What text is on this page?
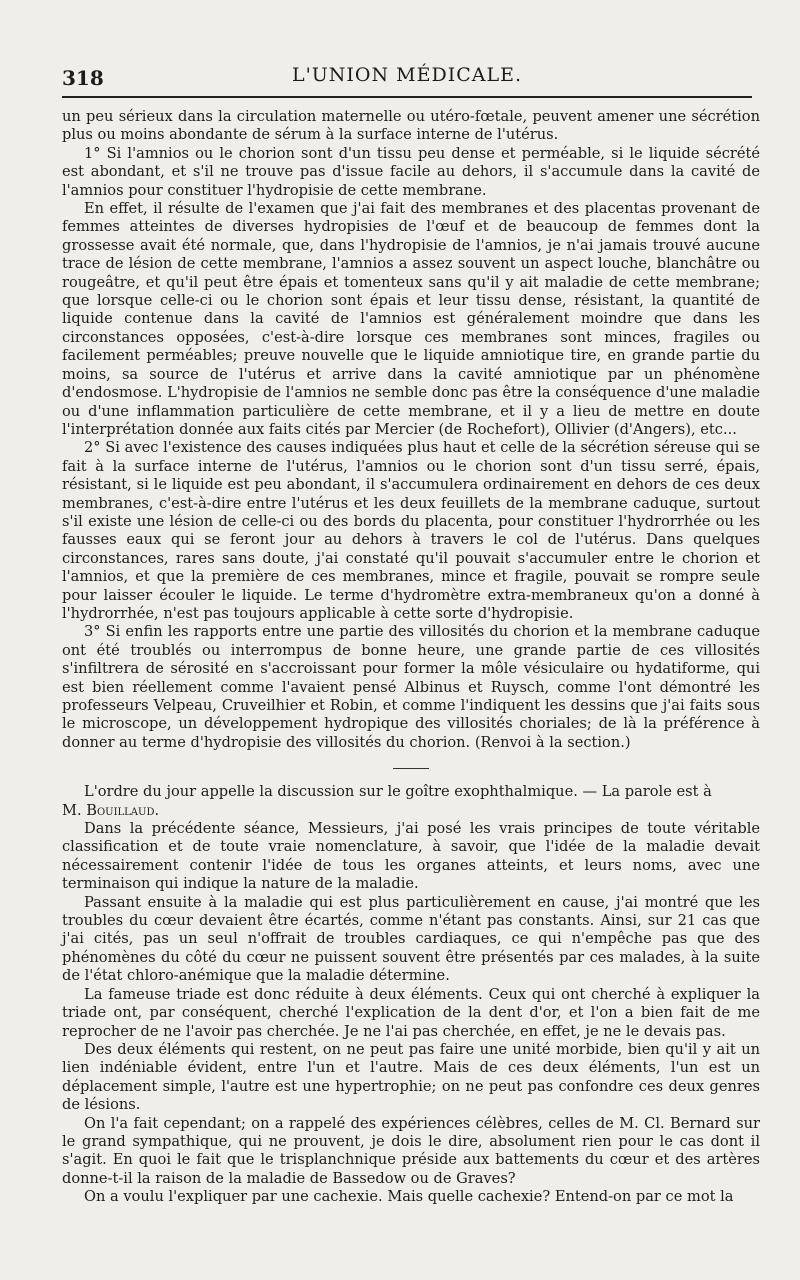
318	L'UNION MÉDICALE.

un peu sérieux dans la circulation maternelle ou utéro-fœtale, peuvent amener une sécrétion plus ou moins abondante de sérum à la surface interne de l'utérus.

1° Si l'amnios ou le chorion sont d'un tissu peu dense et perméable, si le liquide sécrété est abondant, et s'il ne trouve pas d'issue facile au dehors, il s'accumule dans la cavité de l'amnios pour constituer l'hydropisie de cette membrane.

En effet, il résulte de l'examen que j'ai fait des membranes et des placentas provenant de femmes atteintes de diverses hydropisies de l'œuf et de beaucoup de femmes dont la grossesse avait été normale, que, dans l'hydropisie de l'amnios, je n'ai jamais trouvé aucune trace de lésion de cette membrane, l'amnios a assez souvent un aspect louche, blanchâtre ou rougeâtre, et qu'il peut être épais et tomenteux sans qu'il y ait maladie de cette membrane; que lorsque celle-ci ou le chorion sont épais et leur tissu dense, résistant, la quantité de liquide contenue dans la cavité de l'amnios est généralement moindre que dans les circonstances opposées, c'est-à-dire lorsque ces membranes sont minces, fragiles ou facilement perméables; preuve nouvelle que le liquide amniotique tire, en grande partie du moins, sa source de l'utérus et arrive dans la cavité amniotique par un phénomène d'endosmose. L'hydropisie de l'amnios ne semble donc pas être la conséquence d'une maladie ou d'une inflammation particulière de cette membrane, et il y a lieu de mettre en doute l'interprétation donnée aux faits cités par Mercier (de Rochefort), Ollivier (d'Angers), etc...

2° Si avec l'existence des causes indiquées plus haut et celle de la sécrétion séreuse qui se fait à la surface interne de l'utérus, l'amnios ou le chorion sont d'un tissu serré, épais, résistant, si le liquide est peu abondant, il s'accumulera ordinairement en dehors de ces deux membranes, c'est-à-dire entre l'utérus et les deux feuillets de la membrane caduque, surtout s'il existe une lésion de celle-ci ou des bords du placenta, pour constituer l'hydrorrhée ou les fausses eaux qui se feront jour au dehors à travers le col de l'utérus. Dans quelques circonstances, rares sans doute, j'ai constaté qu'il pouvait s'accumuler entre le chorion et l'amnios, et que la première de ces membranes, mince et fragile, pouvait se rompre seule pour laisser écouler le liquide. Le terme d'hydromètre extra-membraneux qu'on a donné à l'hydrorrhée, n'est pas toujours applicable à cette sorte d'hydropisie.

3° Si enfin les rapports entre une partie des villosités du chorion et la membrane caduque ont été troublés ou interrompus de bonne heure, une grande partie de ces villosités s'infiltrera de sérosité en s'accroissant pour former la môle vésiculaire ou hydatiforme, qui est bien réellement comme l'avaient pensé Albinus et Ruysch, comme l'ont démontré les professeurs Velpeau, Cruveilhier et Robin, et comme l'indiquent les dessins que j'ai faits sous le microscope, un développement hydropique des villosités choriales; de là la préférence à donner au terme d'hydropisie des villosités du chorion. (Renvoi à la section.)

L'ordre du jour appelle la discussion sur le goître exophthalmique. — La parole est à

M. Bouillaud.

Dans la précédente séance, Messieurs, j'ai posé les vrais principes de toute véritable classification et de toute vraie nomenclature, à savoir, que l'idée de la maladie devait nécessairement contenir l'idée de tous les organes atteints, et leurs noms, avec une terminaison qui indique la nature de la maladie.

Passant ensuite à la maladie qui est plus particulièrement en cause, j'ai montré que les troubles du cœur devaient être écartés, comme n'étant pas constants. Ainsi, sur 21 cas que j'ai cités, pas un seul n'offrait de troubles cardiaques, ce qui n'empêche pas que des phénomènes du côté du cœur ne puissent souvent être présentés par ces malades, à la suite de l'état chloro-anémique que la maladie détermine.

La fameuse triade est donc réduite à deux éléments. Ceux qui ont cherché à expliquer la triade ont, par conséquent, cherché l'explication de la dent d'or, et l'on a bien fait de me reprocher de ne l'avoir pas cherchée. Je ne l'ai pas cherchée, en effet, je ne le devais pas.

Des deux éléments qui restent, on ne peut pas faire une unité morbide, bien qu'il y ait un lien indéniable évident, entre l'un et l'autre. Mais de ces deux éléments, l'un est un déplacement simple, l'autre est une hypertrophie; on ne peut pas confondre ces deux genres de lésions.

On l'a fait cependant; on a rappelé des expériences célèbres, celles de M. Cl. Bernard sur le grand sympathique, qui ne prouvent, je dois le dire, absolument rien pour le cas dont il s'agit. En quoi le fait que le trisplanchnique préside aux battements du cœur et des artères donne-t-il la raison de la maladie de Bassedow ou de Graves?

On a voulu l'expliquer par une cachexie. Mais quelle cachexie? Entend-on par ce mot la
